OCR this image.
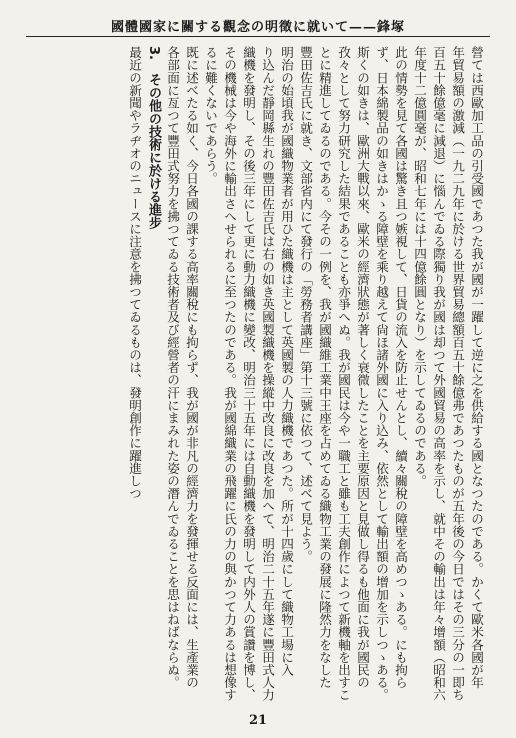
國體國家に關する觀念の明徵に就いて——鋒塚
營ては西歐加工品の引受國であつた我が國が一躍して逆に之を供給する國となつたのである。かくて歐米各國が年
年貿易額の激減（一九二九年に於ける世界貿易總額百五十餘億弗であつたものが五年後の今日ではその三分の一即ち
百五十餘億毫に減退）に惱んでゐる際獨り我が國は却つて外國貿易の高率を示し、就中その輸出は年々增額（昭和六
年度十二億圓毫が、昭和七年には十四億餘圓となり）を示してゐるのである。
此の情勢を見て各國は驚き且つ嫉視して、日貨の流入を防止せんとし、續々關稅の障壁を高めつゝある。にも拘ら
ず、日本綿製品の如きはかゝる障壁を乘り越えて尙ほ諸外國に入り込み、依然として輸出額の增加を示しつゝある。
斯くの如きは、歐洲大戰以來、歐米の經濟狀態が著しく衰微したことを主要原因と見做し得るも他面に我が國民の
孜々として努力研究した結果であることも亦爭へぬ。我が國民は今や一職工と雖も工夫創作によつて新機軸を出すこ
とに精進してゐるのである。今その一例を、我が國織維工業中王座を占めてゐる織物工業の發展に隆然力をなした
豐田佐吉氏に就き、文部省内にて發行の「勞務者講座」第十三號に依つて、述べて見よう。
明治の始頃我が國織物業者が用ひた織機は主として英國製の人力織機であつた。所が十四歲にして織物工場に入
り込んだ靜岡縣生れの豐田佐吉氏は右の如き英國製織機を操縱中改良に改良を加へて、明治二十五年遂に豐田式人力
織機を發明し、その後三年にして更に動力織機に變改、明治三十五年には自動織機を發明して内外人の賞讚を博し、
その機械は今や海外に輸出さへせられるに至つたのである。我が國綿織業の飛躍に氏の力の與かつて力あるは想像す
るに難くないであらう。
既に述べたる如く、今日各國の課する高率關稅にも拘らず、我が國が非凡の經濟力を發揮せる反面には、生產業の
各部面に亙つて豐田式努力を拂つてゐる技術者及び經營者の汗にまみれた姿の潛んでゐることを思はねばならぬ。
3.　その他の技術に於ける進步
最近の新聞やラヂオのニュースに注意を拂つてゐるものは、發明創作に躍進しつ
21
